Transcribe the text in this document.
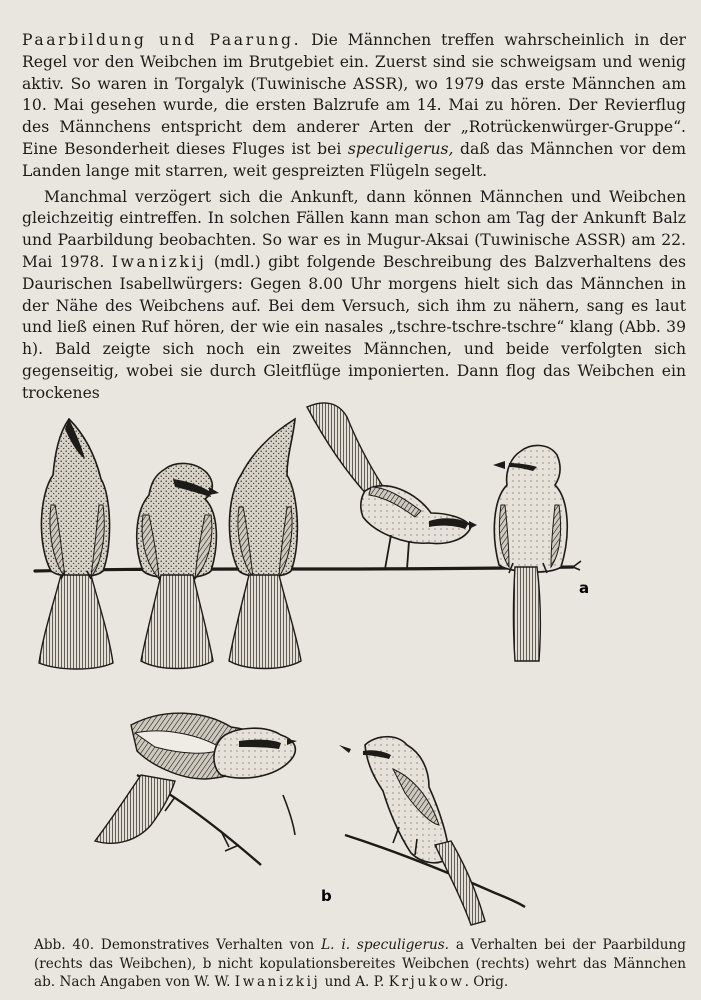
Paarbildung und Paarung. Die Männchen treffen wahrscheinlich in der Regel vor den Weibchen im Brutgebiet ein. Zuerst sind sie schweigsam und wenig aktiv. So waren in Torgalyk (Tuwinische ASSR), wo 1979 das erste Männchen am 10. Mai gesehen wurde, die ersten Balzrufe am 14. Mai zu hören. Der Revierflug des Männchens entspricht dem anderer Arten der „Rotrückenwürger-Gruppe“. Eine Besonderheit dieses Fluges ist bei speculigerus, daß das Männchen vor dem Landen lange mit starren, weit gespreizten Flügeln segelt.

Manchmal verzögert sich die Ankunft, dann können Männchen und Weibchen gleichzeitig eintreffen. In solchen Fällen kann man schon am Tag der Ankunft Balz und Paarbildung beobachten. So war es in Mugur-Aksai (Tuwinische ASSR) am 22. Mai 1978. Iwanizkij (mdl.) gibt folgende Beschreibung des Balzverhaltens des Daurischen Isabellwürgers: Gegen 8.00 Uhr morgens hielt sich das Männchen in der Nähe des Weibchens auf. Bei dem Versuch, sich ihm zu nähern, sang es laut und ließ einen Ruf hören, der wie ein nasales „tschre-tschre-tschre“ klang (Abb. 39 h). Bald zeigte sich noch ein zweites Männchen, und beide verfolgten sich gegenseitig, wobei sie durch Gleitflüge imponierten. Dann flog das Weibchen ein trockenes

a
b
Abb. 40. Demonstratives Verhalten von L. i. speculigerus. a Verhalten bei der Paarbildung (rechts das Weibchen), b nicht kopulationsbereites Weibchen (rechts) wehrt das Männchen ab. Nach Angaben von W. W. Iwanizkij und A. P. Krjukow. Orig.
